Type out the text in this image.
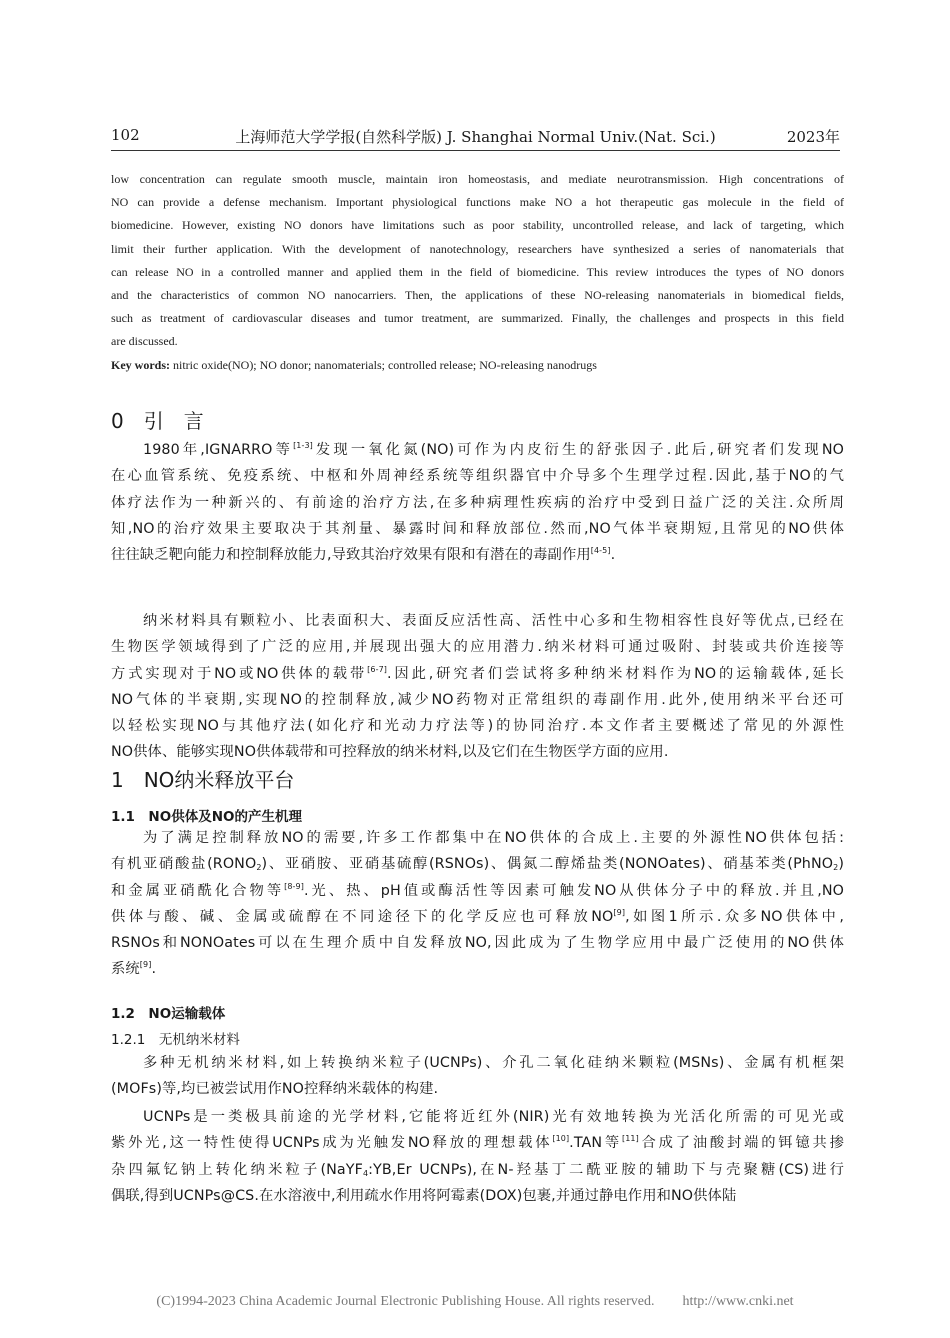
102	上海师范大学学报(自然科学版) J. Shanghai Normal Univ.(Nat. Sci.)	2023年
low concentration can regulate smooth muscle, maintain iron homeostasis, and mediate neurotransmission. High concentrations of
NO can provide a defense mechanism. Important physiological functions make NO a hot therapeutic gas molecule in the field of
biomedicine. However, existing NO donors have limitations such as poor stability, uncontrolled release, and lack of targeting, which
limit their further application. With the development of nanotechnology, researchers have synthesized a series of nanomaterials that
can release NO in a controlled manner and applied them in the field of biomedicine. This review introduces the types of NO donors
and the characteristics of common NO nanocarriers. Then, the applications of these NO-releasing nanomaterials in biomedical fields,
such as treatment of cardiovascular diseases and tumor treatment, are summarized. Finally, the challenges and prospects in this field
are discussed.
Key words: nitric oxide(NO); NO donor; nanomaterials; controlled release; NO-releasing nanodrugs
0　引　言
1980年,IGNARRO等[1-3]发现一氧化氮(NO)可作为内皮衍生的舒张因子.此后,研究者们发现NO
在心血管系统、免疫系统、中枢和外周神经系统等组织器官中介导多个生理学过程.因此,基于NO的气
体疗法作为一种新兴的、有前途的治疗方法,在多种病理性疾病的治疗中受到日益广泛的关注.众所周
知,NO的治疗效果主要取决于其剂量、暴露时间和释放部位.然而,NO气体半衰期短,且常见的NO供体
往往缺乏靶向能力和控制释放能力,导致其治疗效果有限和有潜在的毒副作用[4-5].
纳米材料具有颗粒小、比表面积大、表面反应活性高、活性中心多和生物相容性良好等优点,已经在
生物医学领域得到了广泛的应用,并展现出强大的应用潜力.纳米材料可通过吸附、封装或共价连接等
方式实现对于NO或NO供体的载带[6-7].因此,研究者们尝试将多种纳米材料作为NO的运输载体,延长
NO气体的半衰期,实现NO的控制释放,减少NO药物对正常组织的毒副作用.此外,使用纳米平台还可
以轻松实现NO与其他疗法(如化疗和光动力疗法等)的协同治疗.本文作者主要概述了常见的外源性
NO供体、能够实现NO供体载带和可控释放的纳米材料,以及它们在生物医学方面的应用.
1　NO纳米释放平台
1.1　NO供体及NO的产生机理
为了满足控制释放NO的需要,许多工作都集中在NO供体的合成上.主要的外源性NO供体包括:
有机亚硝酸盐$(RONO_2)$、亚硝胺、亚硝基硫醇(RSNOs)、偶氮二醇烯盐类(NONOates)、硝基苯类(PhNO$_2$)
和金属亚硝酰化合物等[8-9].光、热、pH值或酶活性等因素可触发NO从供体分子中的释放.并且,NO
供体与酸、碱、金属或硫醇在不同途径下的化学反应也可释放NO[9],如图1所示.众多NO供体中,
RSNOs和NONOates可以在生理介质中自发释放NO,因此成为了生物学应用中最广泛使用的NO供体
系统[9].
1.2　NO运输载体
1.2.1　无机纳米材料
多种无机纳米材料,如上转换纳米粒子(UCNPs)、介孔二氧化硅纳米颗粒(MSNs)、金属有机框架
(MOFs)等,均已被尝试用作NO控释纳米载体的构建.
UCNPs是一类极具前途的光学材料,它能将近红外(NIR)光有效地转换为光活化所需的可见光或
紫外光,这一特性使得UCNPs成为光触发NO释放的理想载体[10].TAN等[11]合成了油酸封端的铒镱共掺
杂四氟钇钠上转化纳米粒子(NaYF$_4$:YB,Er UCNPs),在N-羟基丁二酰亚胺的辅助下与壳聚糖(CS)进行
偶联,得到UCNPs@CS.在水溶液中,利用疏水作用将阿霉素(DOX)包裹,并通过静电作用和NO供体陆
(C)1994-2023 China Academic Journal Electronic Publishing House. All rights reserved.　　http://www.cnki.net
